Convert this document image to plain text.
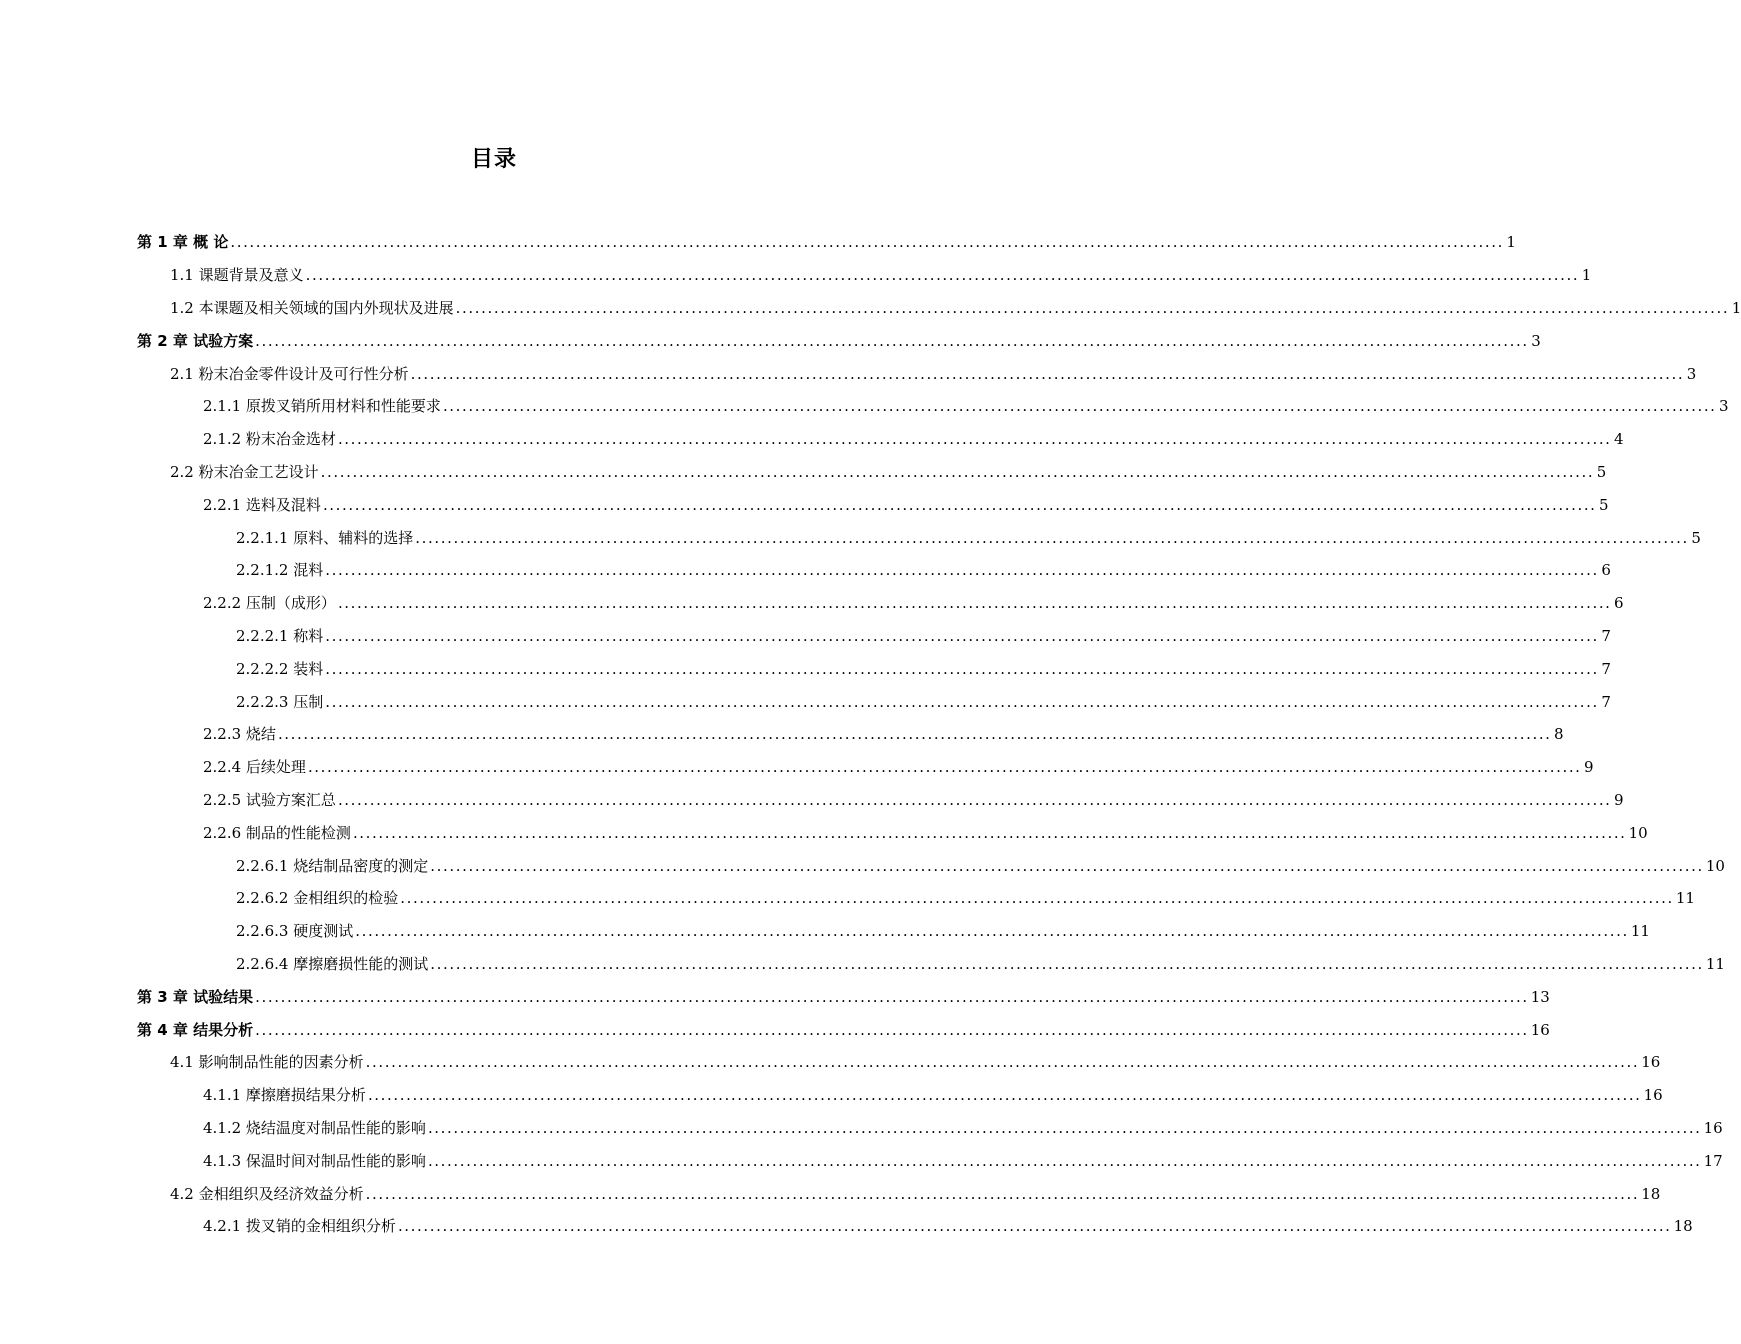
目录
第 1 章 概 论 ........................................................................................................................................................................................................ 1
1.1 课题背景及意义 ........................................................................................................................................................................................................ 1
1.2 本课题及相关领域的国内外现状及进展 ........................................................................................................................................................................................................ 1
第 2 章 试验方案 ........................................................................................................................................................................................................ 3
2.1 粉末冶金零件设计及可行性分析 ........................................................................................................................................................................................................ 3
2.1.1 原拨叉销所用材料和性能要求 ........................................................................................................................................................................................................ 3
2.1.2 粉末冶金选材 ........................................................................................................................................................................................................ 4
2.2 粉末冶金工艺设计 ........................................................................................................................................................................................................ 5
2.2.1 选料及混料 ........................................................................................................................................................................................................ 5
2.2.1.1 原料、辅料的选择 ........................................................................................................................................................................................................ 5
2.2.1.2 混料 ........................................................................................................................................................................................................ 6
2.2.2 压制（成形） ........................................................................................................................................................................................................ 6
2.2.2.1 称料 ........................................................................................................................................................................................................ 7
2.2.2.2 装料 ........................................................................................................................................................................................................ 7
2.2.2.3 压制 ........................................................................................................................................................................................................ 7
2.2.3 烧结 ........................................................................................................................................................................................................ 8
2.2.4 后续处理 ........................................................................................................................................................................................................ 9
2.2.5 试验方案汇总 ........................................................................................................................................................................................................ 9
2.2.6 制品的性能检测 ........................................................................................................................................................................................................ 10
2.2.6.1 烧结制品密度的测定 ........................................................................................................................................................................................................ 10
2.2.6.2 金相组织的检验 ........................................................................................................................................................................................................ 11
2.2.6.3 硬度测试 ........................................................................................................................................................................................................ 11
2.2.6.4 摩擦磨损性能的测试 ........................................................................................................................................................................................................ 11
第 3 章 试验结果 ........................................................................................................................................................................................................ 13
第 4 章 结果分析 ........................................................................................................................................................................................................ 16
4.1 影响制品性能的因素分析 ........................................................................................................................................................................................................ 16
4.1.1 摩擦磨损结果分析 ........................................................................................................................................................................................................ 16
4.1.2 烧结温度对制品性能的影响 ........................................................................................................................................................................................................ 16
4.1.3 保温时间对制品性能的影响 ........................................................................................................................................................................................................ 17
4.2 金相组织及经济效益分析 ........................................................................................................................................................................................................ 18
4.2.1 拨叉销的金相组织分析 ........................................................................................................................................................................................................ 18
